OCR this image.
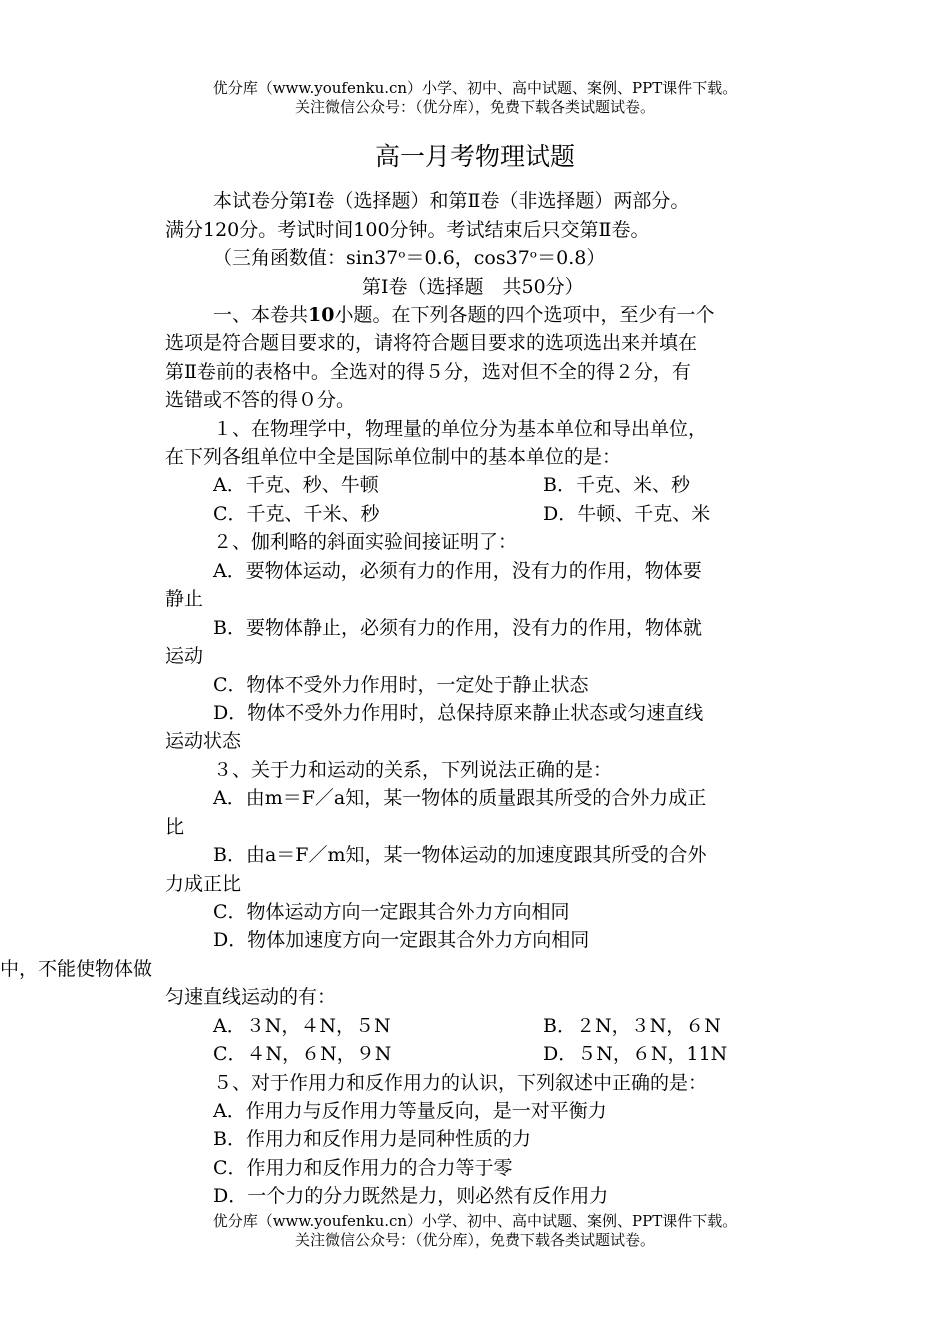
优分库（www.youfenku.cn）小学、初中、高中试题、案例、PPT课件下载。
关注微信公众号：（优分库），免费下载各类试题试卷。
高一月考物理试题
本试卷分第Ⅰ卷（选择题）和第Ⅱ卷（非选择题）两部分。
满分120分。考试时间100分钟。考试结束后只交第Ⅱ卷。
（三角函数值：sin37ᵒ＝0.6，cos37ᵒ＝0.8）
第Ⅰ卷（选择题　共50分）
一、本卷共10小题。在下列各题的四个选项中，至少有一个
选项是符合题目要求的，请将符合题目要求的选项选出来并填在
第Ⅱ卷前的表格中。全选对的得５分，选对但不全的得２分，有
选错或不答的得０分。
１、在物理学中，物理量的单位分为基本单位和导出单位，
在下列各组单位中全是国际单位制中的基本单位的是：
A．千克、秒、牛顿	B．千克、米、秒
C．千克、千米、秒	D．牛顿、千克、米
２、伽利略的斜面实验间接证明了：
A．要物体运动，必须有力的作用，没有力的作用，物体要
静止
B．要物体静止，必须有力的作用，没有力的作用，物体就
运动
C．物体不受外力作用时，一定处于静止状态
D．物体不受外力作用时，总保持原来静止状态或匀速直线
运动状态
３、关于力和运动的关系，下列说法正确的是：
A．由m＝F／a知，某一物体的质量跟其所受的合外力成正
比
B．由a＝F／m知，某一物体运动的加速度跟其所受的合外
力成正比
C．物体运动方向一定跟其合外力方向相同
D．物体加速度方向一定跟其合外力方向相同
中，不能使物体做
匀速直线运动的有：
A．３N，４N，５N	B．２N，３N，６N
C．４N，６N，９N	D．５N，６N，11N
５、对于作用力和反作用力的认识，下列叙述中正确的是：
A．作用力与反作用力等量反向，是一对平衡力
B．作用力和反作用力是同种性质的力
C．作用力和反作用力的合力等于零
D．一个力的分力既然是力，则必然有反作用力
优分库（www.youfenku.cn）小学、初中、高中试题、案例、PPT课件下载。
关注微信公众号：（优分库），免费下载各类试题试卷。
